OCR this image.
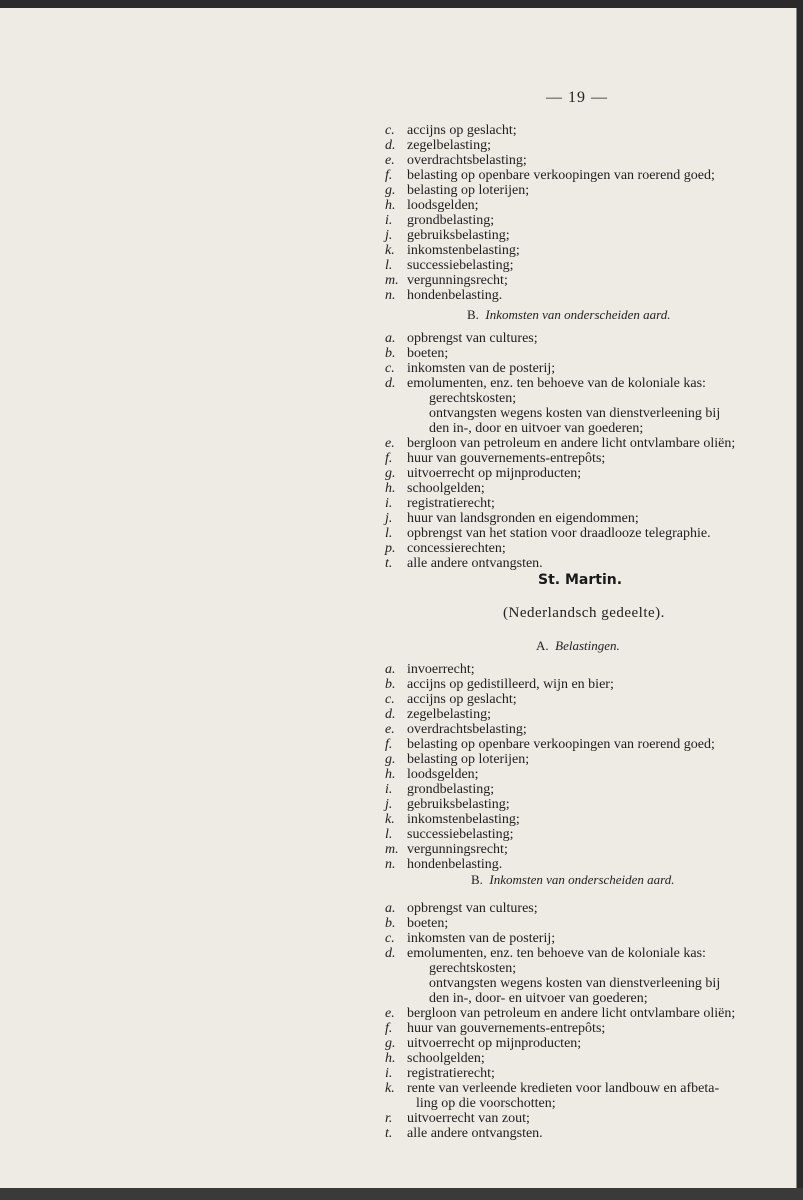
— 19 —
c. accijns op geslacht;
d. zegelbelasting;
e. overdrachtsbelasting;
f.	belasting op openbare verkoopingen van roerend goed;
g. belasting op loterijen;
h. loodsgelden;
i.	grondbelasting;
j.	gebruiksbelasting;
k. inkomstenbelasting;
l.	successiebelasting;
m. vergunningsrecht;
n. hondenbelasting.
B. Inkomsten van onderscheiden aard.
a. opbrengst van cultures;
b. boeten;
c. inkomsten van de posterij;
d. emolumenten, enz. ten behoeve van de koloniale kas:
gerechtskosten;
ontvangsten wegens kosten van dienstverleening bij
den in-, door en uitvoer van goederen;
e. bergloon van petroleum en andere licht ontvlambare oliën;
f.	huur van gouvernements-entrepôts;
g. uitvoerrecht op mijnproducten;
h. schoolgelden;
i.	registratierecht;
j.	huur van landsgronden en eigendommen;
l.	opbrengst van het station voor draadlooze telegraphie.
p. concessierechten;
t.	alle andere ontvangsten.
St. Martin.
(Nederlandsch gedeelte).
A. Belastingen.
a. invoerrecht;
b. accijns op gedistilleerd, wijn en bier;
c. accijns op geslacht;
d. zegelbelasting;
e. overdrachtsbelasting;
f.	belasting op openbare verkoopingen van roerend goed;
g. belasting op loterijen;
h. loodsgelden;
i.	grondbelasting;
j.	gebruiksbelasting;
k. inkomstenbelasting;
l.	successiebelasting;
m. vergunningsrecht;
n. hondenbelasting.
B. Inkomsten van onderscheiden aard.
a. opbrengst van cultures;
b. boeten;
c. inkomsten van de posterij;
d. emolumenten, enz. ten behoeve van de koloniale kas:
gerechtskosten;
ontvangsten wegens kosten van dienstverleening bij
den in-, door- en uitvoer van goederen;
e. bergloon van petroleum en andere licht ontvlambare oliën;
f.	huur van gouvernements-entrepôts;
g. uitvoerrecht op mijnproducten;
h. schoolgelden;
i.	registratierecht;
k. rente van verleende kredieten voor landbouw en afbeta-
ling op die voorschotten;
r.	uitvoerrecht van zout;
t.	alle andere ontvangsten.
